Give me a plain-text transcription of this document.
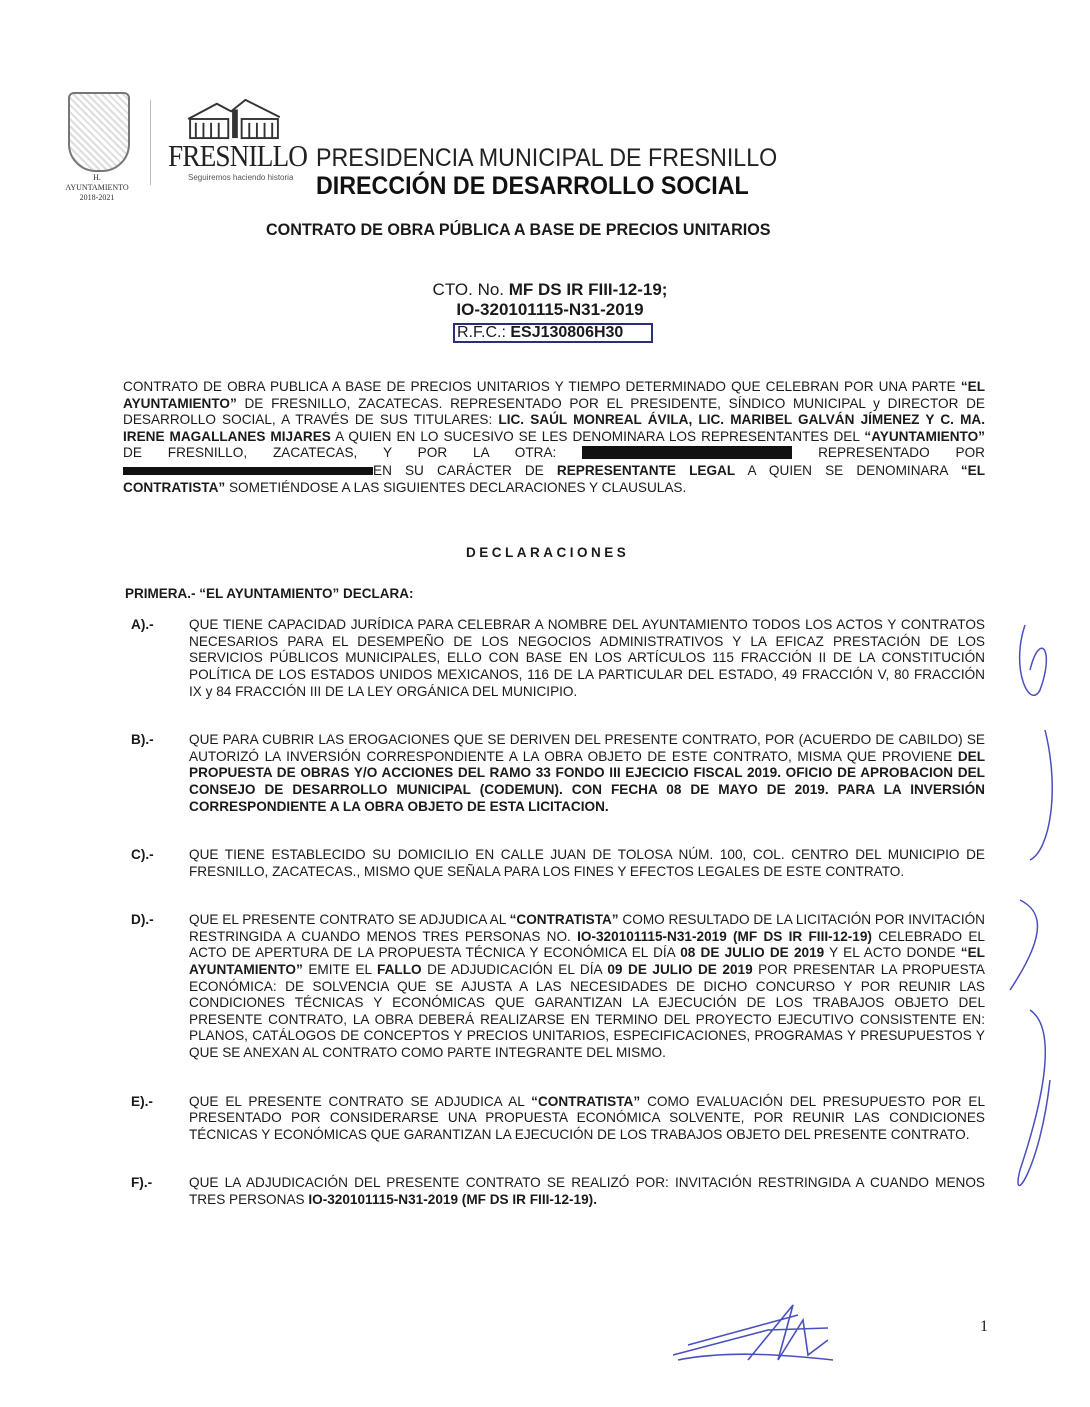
H. AYUNTAMIENTO
2018-2021
FRESNILLO
Seguiremos haciendo historia
PRESIDENCIA MUNICIPAL DE FRESNILLO
DIRECCIÓN DE DESARROLLO SOCIAL
CONTRATO DE OBRA PÚBLICA A BASE DE PRECIOS UNITARIOS
CTO. No. MF DS IR FIII-12-19;
IO-320101115-N31-2019
R.F.C.: ESJ130806H30
CONTRATO DE OBRA PUBLICA A BASE DE PRECIOS UNITARIOS Y TIEMPO DETERMINADO QUE CELEBRAN POR UNA PARTE “EL AYUNTAMIENTO” DE FRESNILLO, ZACATECAS. REPRESENTADO POR EL PRESIDENTE, SÍNDICO MUNICIPAL y DIRECTOR DE DESARROLLO SOCIAL, A TRAVÉS DE SUS TITULARES: LIC. SAÚL MONREAL ÁVILA, LIC. MARIBEL GALVÁN JÍMENEZ Y C. MA. IRENE MAGALLANES MIJARES A QUIEN EN LO SUCESIVO SE LES DENOMINARA LOS REPRESENTANTES DEL “AYUNTAMIENTO” DE FRESNILLO, ZACATECAS, Y POR LA OTRA:	REPRESENTADO POR EN SU CARÁCTER DE REPRESENTANTE LEGAL A QUIEN SE DENOMINARA “EL CONTRATISTA” SOMETIÉNDOSE A LAS SIGUIENTES DECLARACIONES Y CLAUSULAS.
DECLARACIONES
PRIMERA.- “EL AYUNTAMIENTO” DECLARA:
A).-	QUE TIENE CAPACIDAD JURÍDICA PARA CELEBRAR A NOMBRE DEL AYUNTAMIENTO TODOS LOS ACTOS Y CONTRATOS NECESARIOS PARA EL DESEMPEÑO DE LOS NEGOCIOS ADMINISTRATIVOS Y LA EFICAZ PRESTACIÓN DE LOS SERVICIOS PÚBLICOS MUNICIPALES, ELLO CON BASE EN LOS ARTÍCULOS 115 FRACCIÓN II DE LA CONSTITUCIÓN POLÍTICA DE LOS ESTADOS UNIDOS MEXICANOS, 116 DE LA PARTICULAR DEL ESTADO, 49 FRACCIÓN V, 80 FRACCIÓN IX y 84 FRACCIÓN III DE LA LEY ORGÁNICA DEL MUNICIPIO.
B).-	QUE PARA CUBRIR LAS EROGACIONES QUE SE DERIVEN DEL PRESENTE CONTRATO, POR (ACUERDO DE CABILDO) SE AUTORIZÓ LA INVERSIÓN CORRESPONDIENTE A LA OBRA OBJETO DE ESTE CONTRATO, MISMA QUE PROVIENE DEL PROPUESTA DE OBRAS Y/O ACCIONES DEL RAMO 33 FONDO III EJECICIO FISCAL 2019. OFICIO DE APROBACION DEL CONSEJO DE DESARROLLO MUNICIPAL (CODEMUN). CON FECHA 08 DE MAYO DE 2019. PARA LA INVERSIÓN CORRESPONDIENTE A LA OBRA OBJETO DE ESTA LICITACION.
C).-	QUE TIENE ESTABLECIDO SU DOMICILIO EN CALLE JUAN DE TOLOSA NÚM. 100, COL. CENTRO DEL MUNICIPIO DE FRESNILLO, ZACATECAS., MISMO QUE SEÑALA PARA LOS FINES Y EFECTOS LEGALES DE ESTE CONTRATO.
D).-	QUE EL PRESENTE CONTRATO SE ADJUDICA AL “CONTRATISTA” COMO RESULTADO DE LA LICITACIÓN POR INVITACIÓN RESTRINGIDA A CUANDO MENOS TRES PERSONAS NO. IO-320101115-N31-2019 (MF DS IR FIII-12-19) CELEBRADO EL ACTO DE APERTURA DE LA PROPUESTA TÉCNICA Y ECONÓMICA EL DÍA 08 DE JULIO DE 2019 Y EL ACTO DONDE “EL AYUNTAMIENTO” EMITE EL FALLO DE ADJUDICACIÓN EL DÍA 09 DE JULIO DE 2019 POR PRESENTAR LA PROPUESTA ECONÓMICA: DE SOLVENCIA QUE SE AJUSTA A LAS NECESIDADES DE DICHO CONCURSO Y POR REUNIR LAS CONDICIONES TÉCNICAS Y ECONÓMICAS QUE GARANTIZAN LA EJECUCIÓN DE LOS TRABAJOS OBJETO DEL PRESENTE CONTRATO, LA OBRA DEBERÁ REALIZARSE EN TERMINO DEL PROYECTO EJECUTIVO CONSISTENTE EN: PLANOS, CATÁLOGOS DE CONCEPTOS Y PRECIOS UNITARIOS, ESPECIFICACIONES, PROGRAMAS Y PRESUPUESTOS Y QUE SE ANEXAN AL CONTRATO COMO PARTE INTEGRANTE DEL MISMO.
E).-	QUE EL PRESENTE CONTRATO SE ADJUDICA AL “CONTRATISTA” COMO EVALUACIÓN DEL PRESUPUESTO POR EL PRESENTADO POR CONSIDERARSE UNA PROPUESTA ECONÓMICA SOLVENTE, POR REUNIR LAS CONDICIONES TÉCNICAS Y ECONÓMICAS QUE GARANTIZAN LA EJECUCIÓN DE LOS TRABAJOS OBJETO DEL PRESENTE CONTRATO.
F).-	QUE LA ADJUDICACIÓN DEL PRESENTE CONTRATO SE REALIZÓ POR: INVITACIÓN RESTRINGIDA A CUANDO MENOS TRES PERSONAS IO-320101115-N31-2019 (MF DS IR FIII-12-19).
1
